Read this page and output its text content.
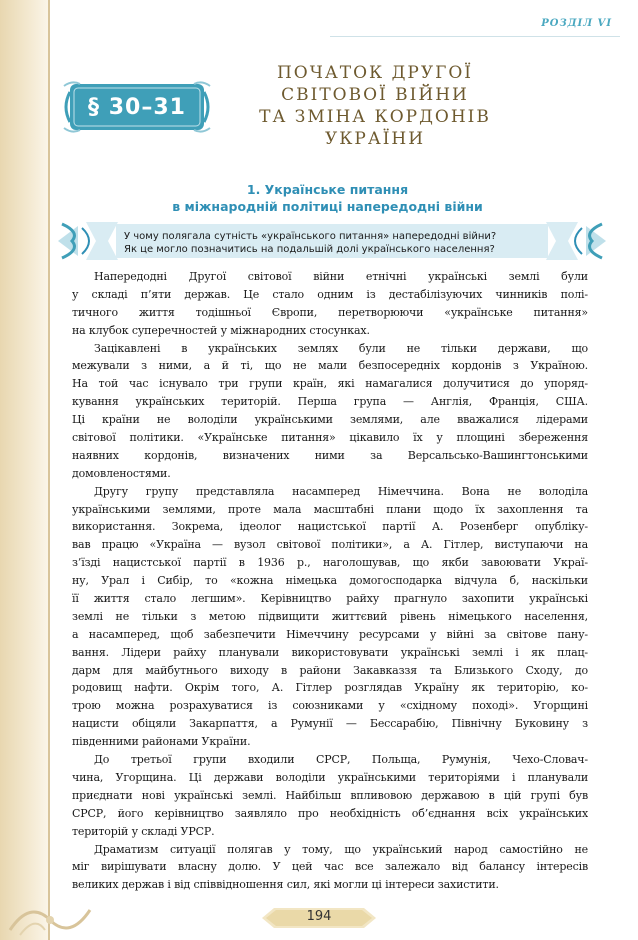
РОЗДІЛ VI
§ 30–31
ПОЧАТОК ДРУГОЇ
СВІТОВОЇ ВІЙНИ
ТА ЗМІНА КОРДОНІВ
УКРАЇНИ
1. Українське питання
в міжнародній політиці напередодні війни
У чому полягала сутність «українського питання» напередодні війни?
Як це могло позначитись на подальшій долі українського населення?
Напередодні Другої світової війни етнічні українські землі були
у складі п’яти держав. Це стало одним із дестабілізуючих чинників полі-
тичного життя тодішньої Європи, перетворюючи «українське питання»
на клубок суперечностей у міжнародних стосунках.
Зацікавлені в українських землях були не тільки держави, що
межували з ними, а й ті, що не мали безпосередніх кордонів з Україною.
На той час існувало три групи країн, які намагалися долучитися до упоряд-
кування українських територій. Перша група — Англія, Франція, США.
Ці країни не володіли українськими землями, але вважалися лідерами
світової політики. «Українське питання» цікавило їх у площині збереження
наявних кордонів, визначених ними за Версальсько-Вашингтонськими
домовленостями.
Другу групу представляла насамперед Німеччина. Вона не володіла
українськими землями, проте мала масштабні плани щодо їх захоплення та
використання. Зокрема, ідеолог нацистської партії А. Розенберг опубліку-
вав працю «Україна — вузол світової політики», а А. Гітлер, виступаючи на
з’їзді нацистської партії в 1936 р., наголошував, що якби завоювати Украї-
ну, Урал і Сибір, то «кожна німецька домогосподарка відчула б, наскільки
її життя стало легшим». Керівництво райху прагнуло захопити українські
землі не тільки з метою підвищити життєвий рівень німецького населення,
а насамперед, щоб забезпечити Німеччину ресурсами у війні за світове пану-
вання. Лідери райху планували використовувати українські землі і як плац-
дарм для майбутнього виходу в райони Закавказзя та Близького Сходу, до
родовищ нафти. Окрім того, А. Гітлер розглядав Україну як територію, ко-
трою можна розрахуватися із союзниками у «східному поході». Угорщині
нацисти обіцяли Закарпаття, а Румунії — Бессарабію, Північну Буковину з
південними районами України.
До третьої групи входили СРСР, Польща, Румунія, Чехо-Словач-
чина, Угорщина. Ці держави володіли українськими територіями і планували
приєднати нові українські землі. Найбільш впливовою державою в цій групі був
СРСР, його керівництво заявляло про необхідність об’єднання всіх українських
територій у складі УРСР.
Драматизм ситуації полягав у тому, що український народ самостійно не
міг вирішувати власну долю. У цей час все залежало від балансу інтересів
великих держав і від співвідношення сил, які могли ці інтереси захистити.
194
